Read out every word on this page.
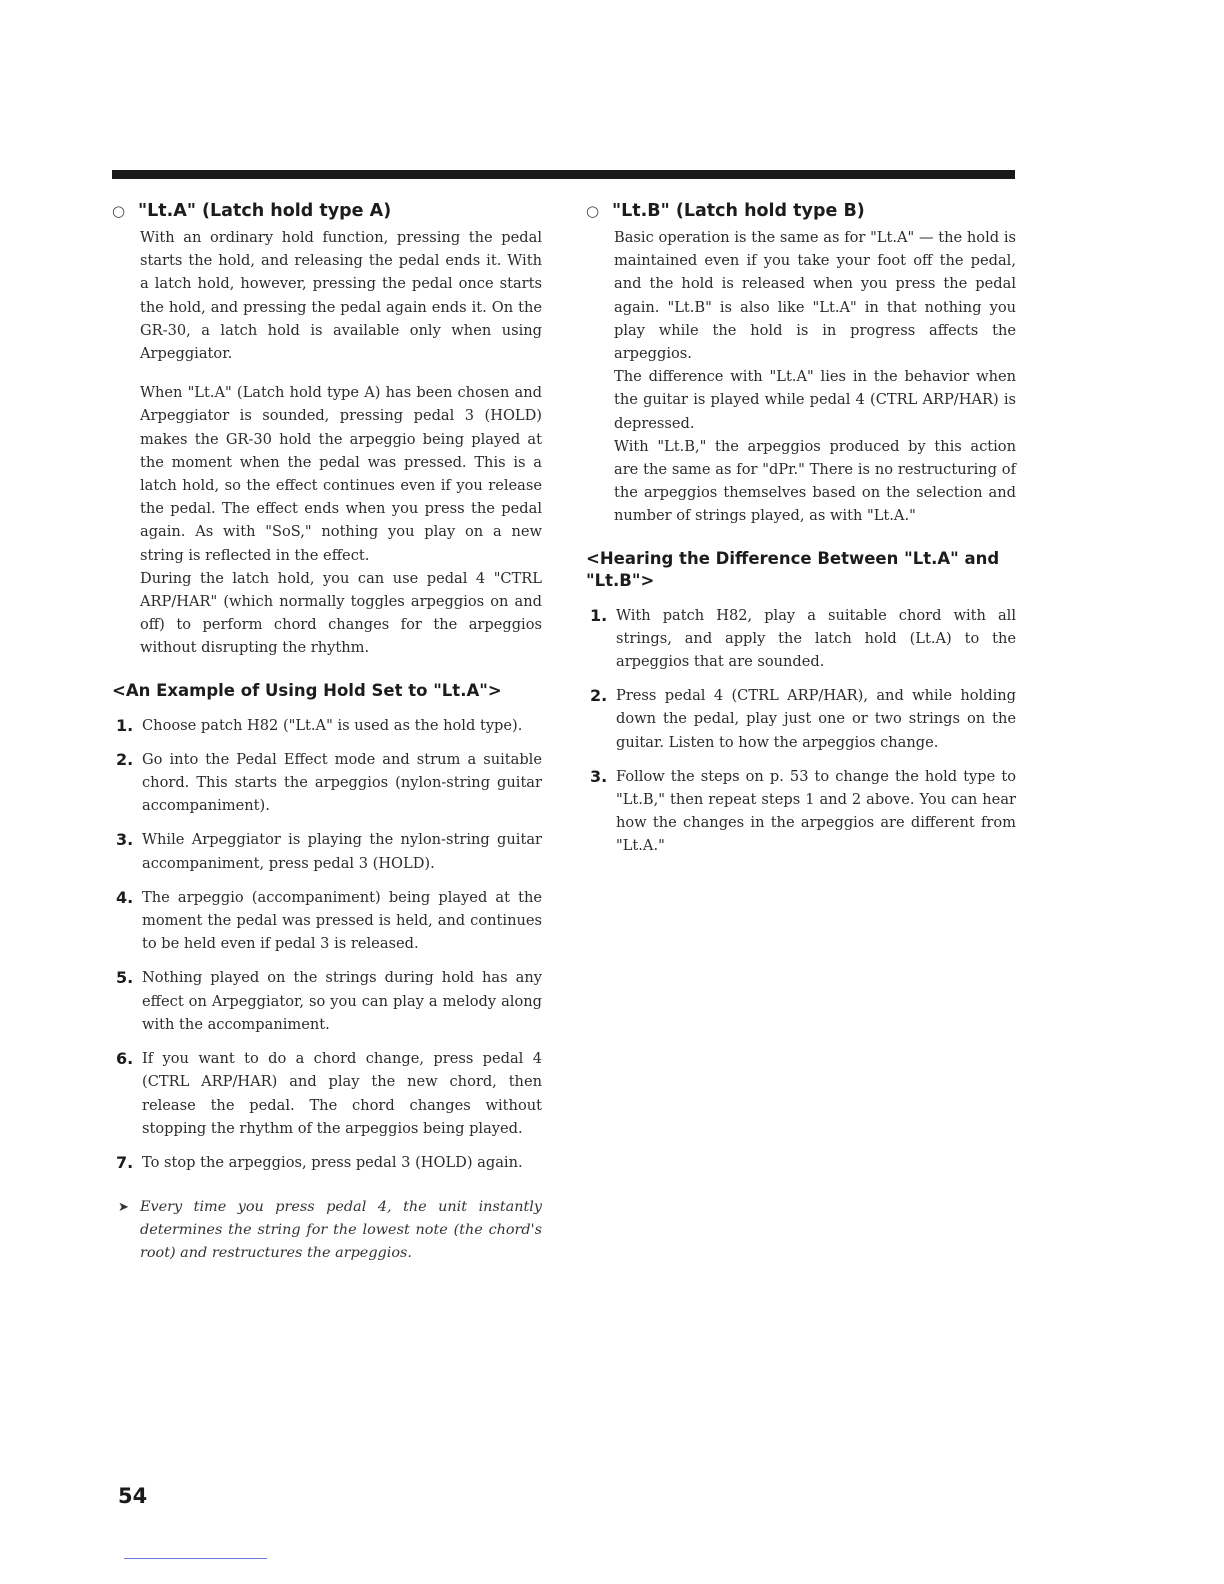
○ "Lt.A" (Latch hold type A)

With an ordinary hold function, pressing the pedal starts the hold, and releasing the pedal ends it. With a latch hold, however, pressing the pedal once starts the hold, and pressing the pedal again ends it. On the GR-30, a latch hold is available only when using Arpeggiator.

When "Lt.A" (Latch hold type A) has been chosen and Arpeggiator is sounded, pressing pedal 3 (HOLD) makes the GR-30 hold the arpeggio being played at the moment when the pedal was pressed. This is a latch hold, so the effect continues even if you release the pedal. The effect ends when you press the pedal again. As with "SoS," nothing you play on a new string is reflected in the effect.

During the latch hold, you can use pedal 4 "CTRL ARP/HAR" (which normally toggles arpeggios on and off) to perform chord changes for the arpeggios without disrupting the rhythm.

<An Example of Using Hold Set to "Lt.A">
1. Choose patch H82 ("Lt.A" is used as the hold type).
2. Go into the Pedal Effect mode and strum a suitable chord. This starts the arpeggios (nylon-string guitar accompaniment).
3. While Arpeggiator is playing the nylon-string guitar accompaniment, press pedal 3 (HOLD).
4. The arpeggio (accompaniment) being played at the moment the pedal was pressed is held, and continues to be held even if pedal 3 is released.
5. Nothing played on the strings during hold has any effect on Arpeggiator, so you can play a melody along with the accompaniment.
6. If you want to do a chord change, press pedal 4 (CTRL ARP/HAR) and play the new chord, then release the pedal. The chord changes without stopping the rhythm of the arpeggios being played.
7. To stop the arpeggios, press pedal 3 (HOLD) again.
➤ Every time you press pedal 4, the unit instantly determines the string for the lowest note (the chord's root) and restructures the arpeggios.
○ "Lt.B" (Latch hold type B)

Basic operation is the same as for "Lt.A" — the hold is maintained even if you take your foot off the pedal, and the hold is released when you press the pedal again. "Lt.B" is also like "Lt.A" in that nothing you play while the hold is in progress affects the arpeggios.

The difference with "Lt.A" lies in the behavior when the guitar is played while pedal 4 (CTRL ARP/HAR) is depressed.

With "Lt.B," the arpeggios produced by this action are the same as for "dPr." There is no restructuring of the arpeggios themselves based on the selection and number of strings played, as with "Lt.A."

<Hearing the Difference Between "Lt.A" and "Lt.B">
1. With patch H82, play a suitable chord with all strings, and apply the latch hold (Lt.A) to the arpeggios that are sounded.
2. Press pedal 4 (CTRL ARP/HAR), and while holding down the pedal, play just one or two strings on the guitar. Listen to how the arpeggios change.
3. Follow the steps on p. 53 to change the hold type to "Lt.B," then repeat steps 1 and 2 above. You can hear how the changes in the arpeggios are different from "Lt.A."
54
